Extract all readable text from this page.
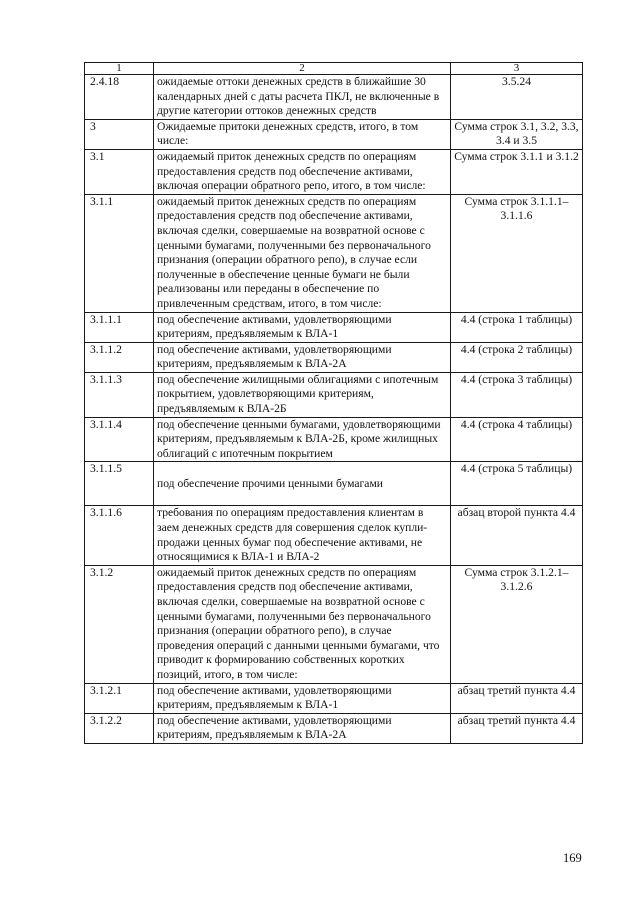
1	2	3
2.4.18	ожидаемые оттоки денежных средств в ближайшие 30 календарных дней с даты расчета ПКЛ, не включенные в другие категории оттоков денежных средств	3.5.24
3	Ожидаемые притоки денежных средств, итого, в том числе:	Сумма строк 3.1, 3.2, 3.3, 3.4 и 3.5
3.1	ожидаемый приток денежных средств по операциям предоставления средств под обеспечение активами, включая операции обратного репо, итого, в том числе:	Сумма строк 3.1.1 и 3.1.2
3.1.1	ожидаемый приток денежных средств по операциям предоставления средств под обеспечение активами, включая сделки, совершаемые на возвратной основе с ценными бумагами, полученными без первоначального признания (операции обратного репо), в случае если полученные в обеспечение ценные бумаги не были реализованы или переданы в обеспечение по привлеченным средствам, итого, в том числе:	Сумма строк 3.1.1.1–3.1.1.6
3.1.1.1	под обеспечение активами, удовлетворяющими критериям, предъявляемым к ВЛА-1	4.4 (строка 1 таблицы)
3.1.1.2	под обеспечение активами, удовлетворяющими критериям, предъявляемым к ВЛА-2А	4.4 (строка 2 таблицы)
3.1.1.3	под обеспечение жилищными облигациями с ипотечным покрытием, удовлетворяющими критериям, предъявляемым к ВЛА-2Б	4.4 (строка 3 таблицы)
3.1.1.4	под обеспечение ценными бумагами, удовлетворяющими критериям, предъявляемым к ВЛА-2Б, кроме жилищных облигаций с ипотечным покрытием	4.4 (строка 4 таблицы)
3.1.1.5	под обеспечение прочими ценными бумагами	4.4 (строка 5 таблицы)
3.1.1.6	требования по операциям предоставления клиентам в заем денежных средств для совершения сделок купли-продажи ценных бумаг под обеспечение активами, не относящимися к ВЛА-1 и ВЛА-2	абзац второй пункта 4.4
3.1.2	ожидаемый приток денежных средств по операциям предоставления средств под обеспечение активами, включая сделки, совершаемые на возвратной основе с ценными бумагами, полученными без первоначального признания (операции обратного репо), в случае проведения операций с данными ценными бумагами, что приводит к формированию собственных коротких позиций, итого, в том числе:	Сумма строк 3.1.2.1–3.1.2.6
3.1.2.1	под обеспечение активами, удовлетворяющими критериям, предъявляемым к ВЛА-1	абзац третий пункта 4.4
3.1.2.2	под обеспечение активами, удовлетворяющими критериям, предъявляемым к ВЛА-2А	абзац третий пункта 4.4
169
